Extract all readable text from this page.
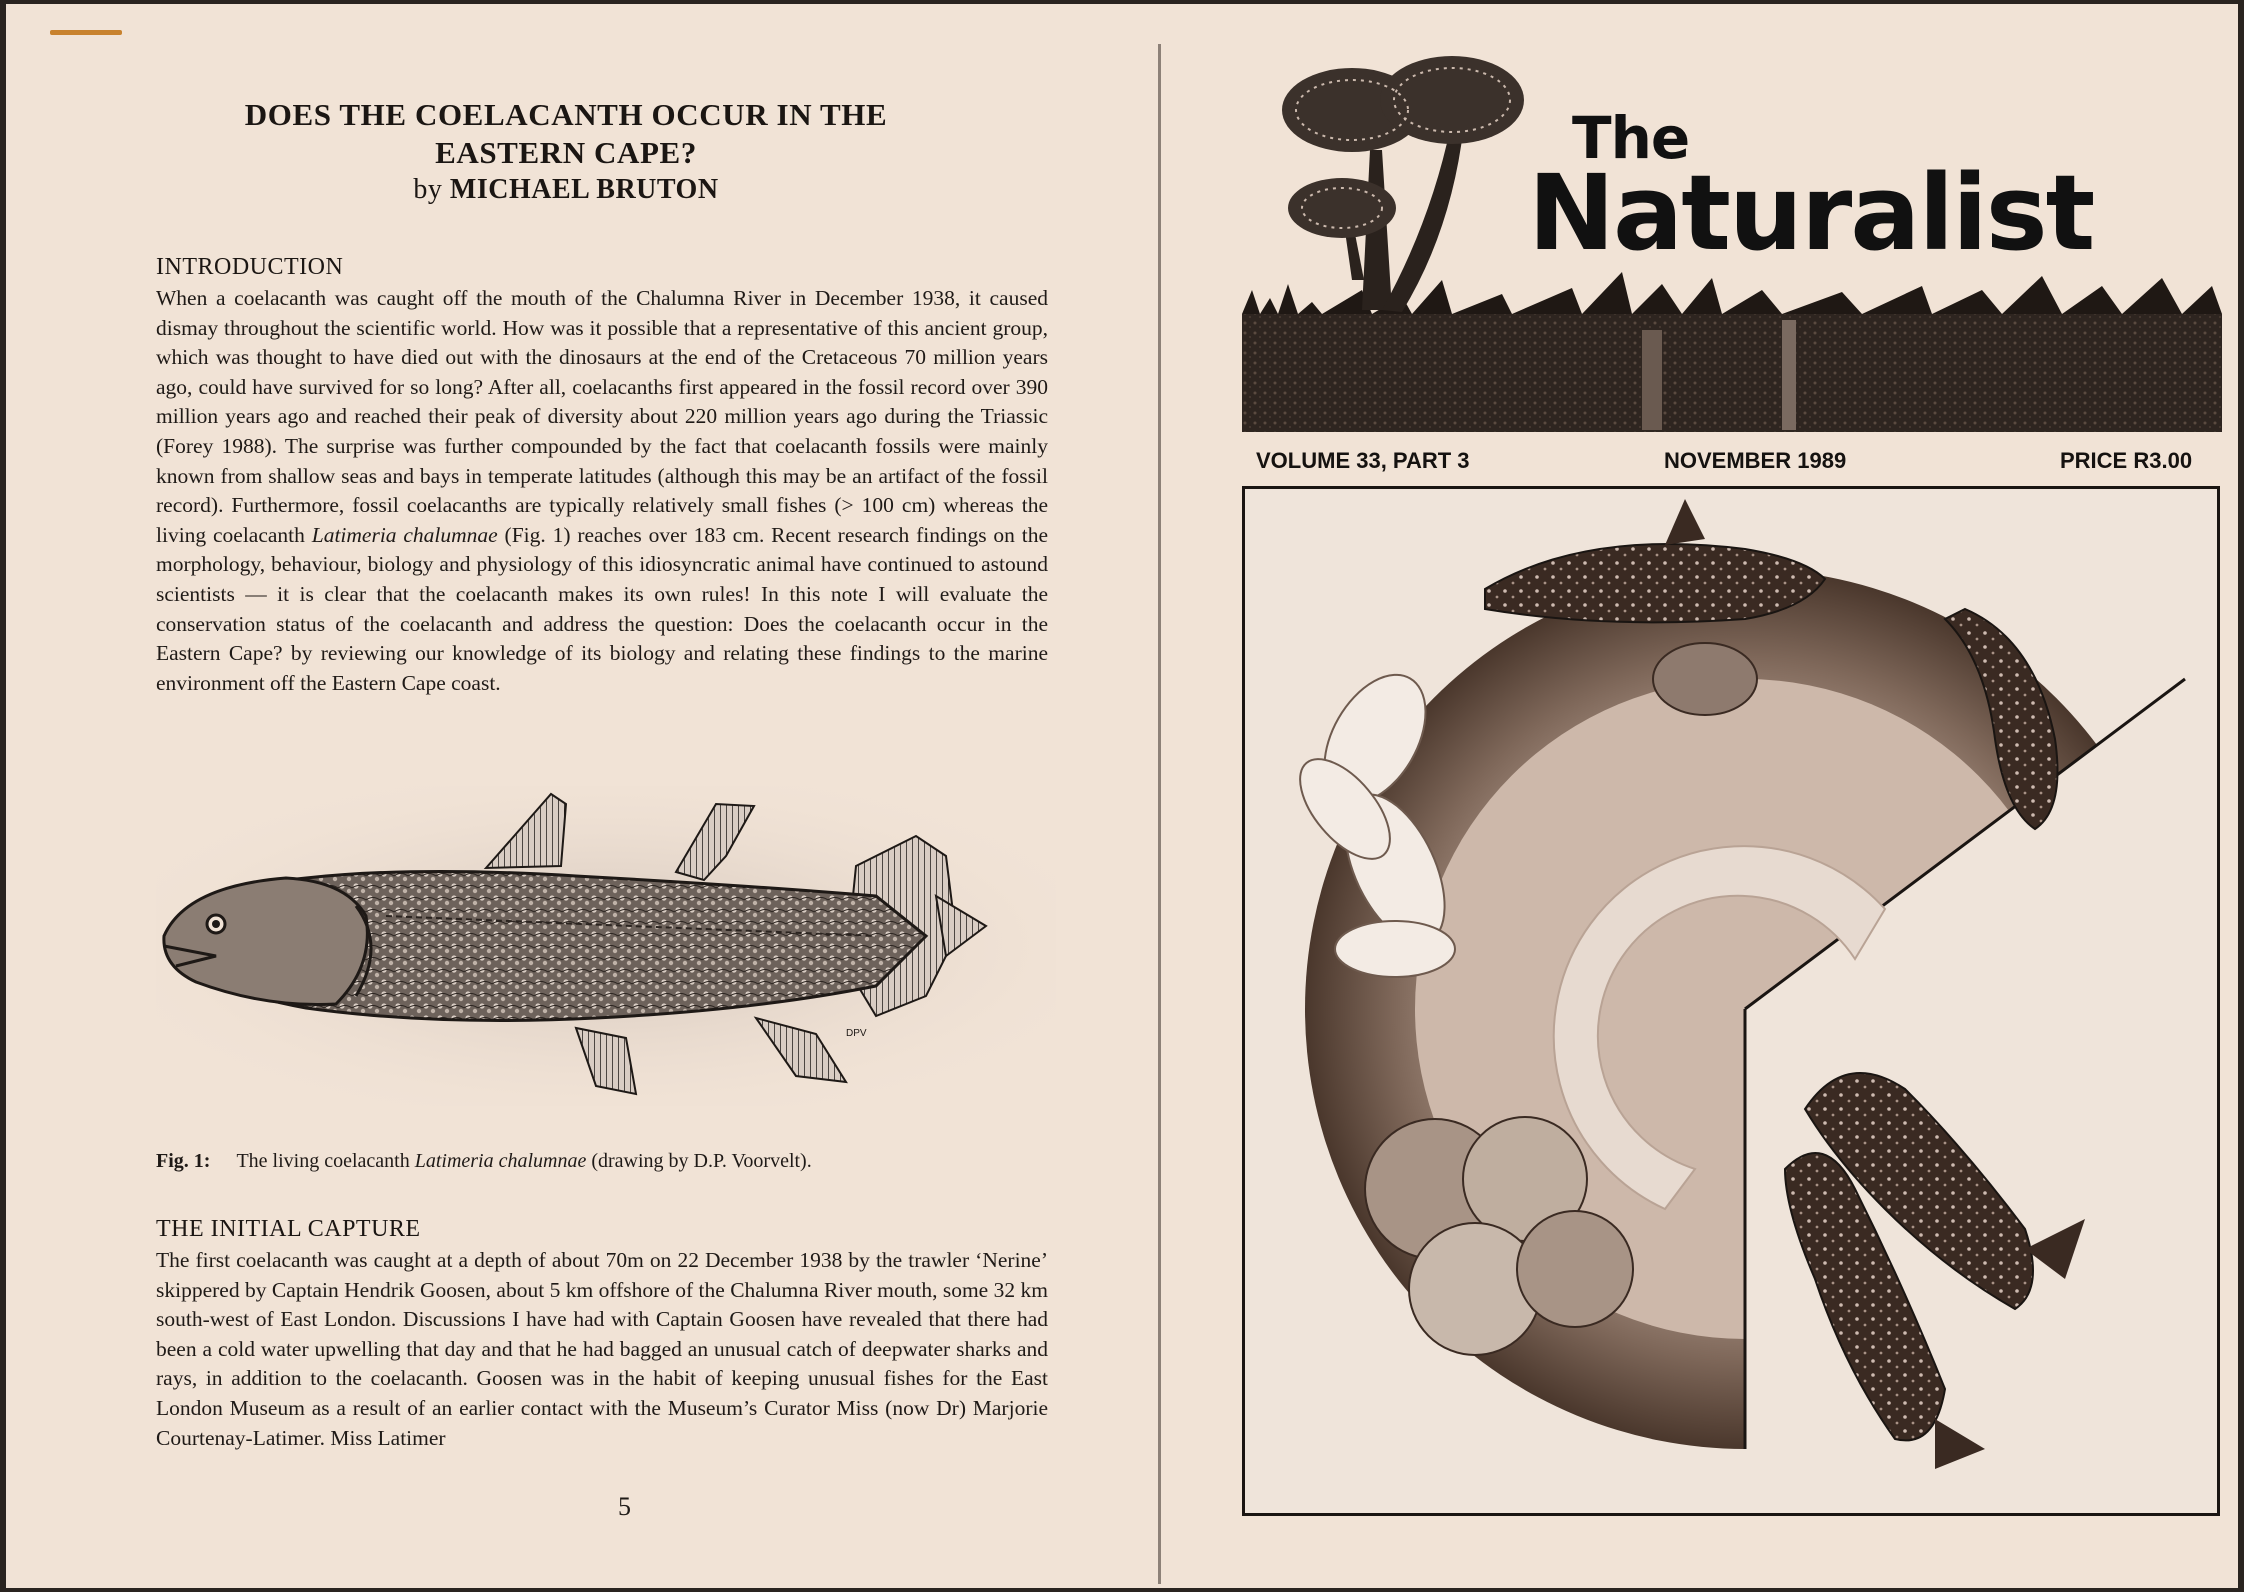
DOES THE COELACANTH OCCUR IN THE
EASTERN CAPE?
by MICHAEL BRUTON
INTRODUCTION
When a coelacanth was caught off the mouth of the Chalumna River in December 1938, it caused dismay throughout the scientific world. How was it possible that a representative of this ancient group, which was thought to have died out with the dinosaurs at the end of the Cretaceous 70 million years ago, could have survived for so long? After all, coelacanths first appeared in the fossil record over 390 million years ago and reached their peak of diversity about 220 million years ago during the Triassic (Forey 1988). The surprise was further compounded by the fact that coelacanth fossils were mainly known from shallow seas and bays in temperate latitudes (although this may be an artifact of the fossil record). Furthermore, fossil coelacanths are typically relatively small fishes (> 100 cm) whereas the living coelacanth Latimeria chalumnae (Fig. 1) reaches over 183 cm. Recent research findings on the morphology, behaviour, biology and physiology of this idiosyncratic animal have continued to astound scientists — it is clear that the coelacanth makes its own rules! In this note I will evaluate the conservation status of the coelacanth and address the question: Does the coelacanth occur in the Eastern Cape? by reviewing our knowledge of its biology and relating these findings to the marine environment off the Eastern Cape coast.
DPV
Fig. 1: The living coelacanth Latimeria chalumnae (drawing by D.P. Voorvelt).
THE INITIAL CAPTURE
The first coelacanth was caught at a depth of about 70m on 22 December 1938 by the trawler ‘Nerine’ skippered by Captain Hendrik Goosen, about 5 km offshore of the Chalumna River mouth, some 32 km south-west of East London. Discussions I have had with Captain Goosen have revealed that there had been a cold water upwelling that day and that he had bagged an unusual catch of deepwater sharks and rays, in addition to the coelacanth. Goosen was in the habit of keeping unusual fishes for the East London Museum as a result of an earlier contact with the Museum’s Curator Miss (now Dr) Marjorie Courtenay-Latimer. Miss Latimer
5
The
Naturalist
VOLUME 33, PART 3	NOVEMBER 1989	PRICE R3.00
